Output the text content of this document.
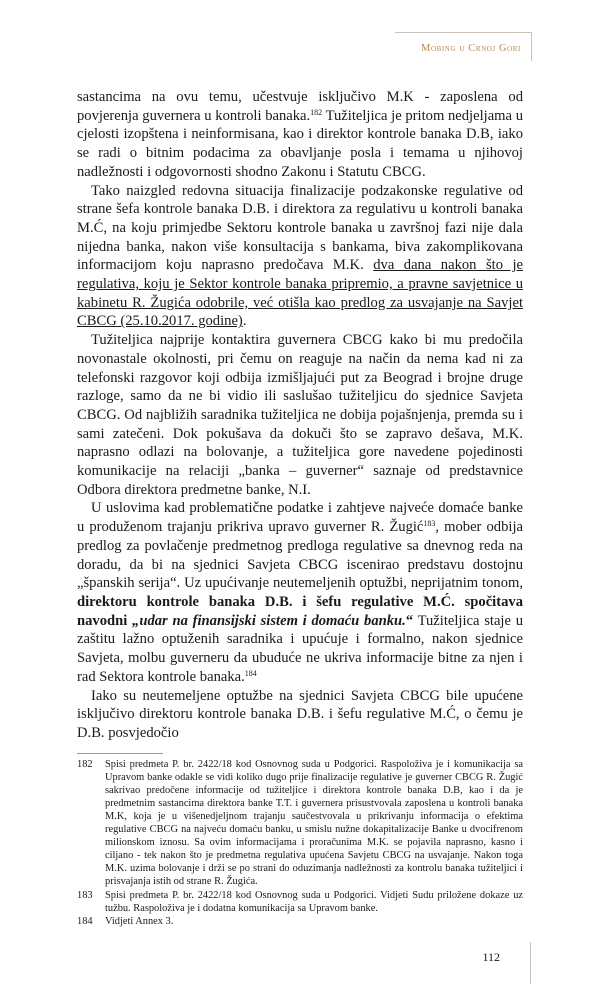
Mobing u Crnoj Gori

sastancima na ovu temu, učestvuje isključivo M.K - zaposlena od povjerenja guvernera u kontroli banaka.$^{182}$ Tužiteljica je pritom nedjeljama u cjelosti izopštena i neinformisana, kao i direktor kontrole banaka D.B, iako se radi o bitnim podacima za obavljanje posla i temama u njihovoj nadležnosti i odgovornosti shodno Zakonu i Statutu CBCG.

Tako naizgled redovna situacija finalizacije podzakonske regulative od strane šefa kontrole banaka D.B. i direktora za regulativu u kontroli banaka M.Ć, na koju primjedbe Sektoru kontrole banaka u završnoj fazi nije dala nijedna banka, nakon više konsultacija s bankama, biva zakomplikovana informacijom koju naprasno predočava M.K. dva dana nakon što je regulativa, koju je Sektor kontrole banaka pripremio, a pravne savjetnice u kabinetu R. Žugića odobrile, već otišla kao predlog za usvajanje na Savjet CBCG (25.10.2017. godine).

Tužiteljica najprije kontaktira guvernera CBCG kako bi mu predočila novonastale okolnosti, pri čemu on reaguje na način da nema kad ni za telefonski razgovor koji odbija izmišljajući put za Beograd i brojne druge razloge, samo da ne bi vidio ili saslušao tužiteljicu do sjednice Savjeta CBCG. Od najbližih saradnika tužiteljica ne dobija pojašnjenja, premda su i sami zatečeni. Dok pokušava da dokuči što se zapravo dešava, M.K. naprasno odlazi na bolovanje, a tužiteljica gore navedene pojedinosti komunikacije na relaciji „banka – guverner“ saznaje od predstavnice Odbora direktora predmetne banke, N.I.

U uslovima kad problematične podatke i zahtjeve najveće domaće banke u produženom trajanju prikriva upravo guverner R. Žugić$^{183}$, mober odbija predlog za povlačenje predmetnog predloga regulative sa dnevnog reda na doradu, da bi na sjednici Savjeta CBCG iscenirao predstavu dostojnu „španskih serija“. Uz upućivanje neutemeljenih optužbi, neprijatnim tonom, direktoru kontrole banaka D.B. i šefu regulative M.Ć. spočitava navodni „udar na finansijski sistem i domaću banku.“ Tužiteljica staje u zaštitu lažno optuženih saradnika i upućuje i formalno, nakon sjednice Savjeta, molbu guverneru da ubuduće ne ukriva informacije bitne za njen i rad Sektora kontrole banaka.$^{184}$

Iako su neutemeljene optužbe na sjednici Savjeta CBCG bile upućene isključivo direktoru kontrole banaka D.B. i šefu regulative M.Ć, o čemu je D.B. posvjedočio

182	Spisi predmeta P. br. 2422/18 kod Osnovnog suda u Podgorici. Raspoloživa je i komunikacija sa Upravom banke odakle se vidi koliko dugo prije finalizacije regulative je guverner CBCG R. Žugić sakrivao predočene informacije od tužiteljice i direktora kontrole banaka D.B, kao i da je predmetnim sastancima direktora banke T.T. i guvernera prisustvovala zaposlena u kontroli banaka M.K, koja je u višenedjeljnom trajanju saučestvovala u prikrivanju informacija o efektima regulative CBCG na najveću domaću banku, u smislu nužne dokapitalizacije Banke u dvocifrenom milionskom iznosu. Sa ovim informacijama i proračunima M.K. se pojavila naprasno, kasno i ciljano - tek nakon što je predmetna regulativa upućena Savjetu CBCG na usvajanje. Nakon toga M.K. uzima bolovanje i drži se po strani do oduzimanja nadležnosti za kontrolu banaka tužiteljici i prisvajanja istih od strane R. Žugića.
183	Spisi predmeta P. br. 2422/18 kod Osnovnog suda u Podgorici. Vidjeti Sudu priložene dokaze uz tužbu. Raspoloživa je i dodatna komunikacija sa Upravom banke.
184	Vidjeti Annex 3.
112
